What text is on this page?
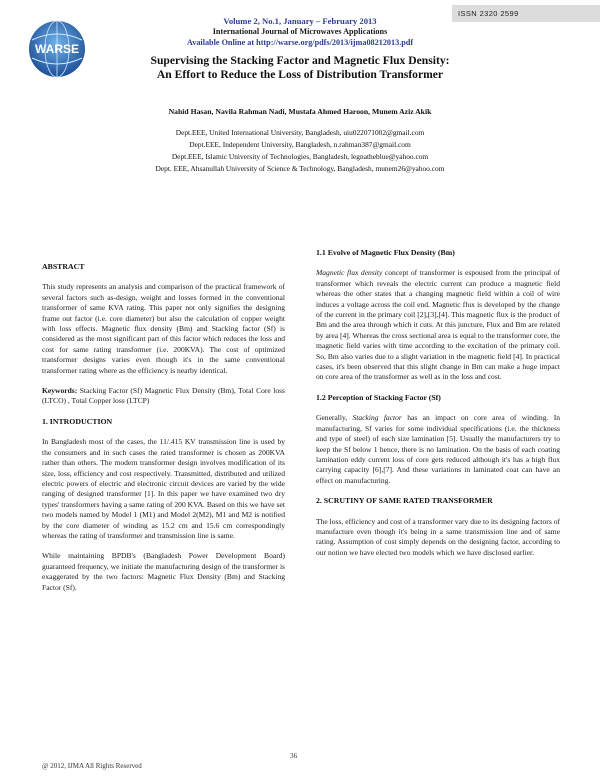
ISSN 2320 2599
WARSE
Volume 2, No.1, January – February 2013
International Journal of Microwaves Applications
Available Online at http://warse.org/pdfs/2013/ijma08212013.pdf
Supervising the Stacking Factor and Magnetic Flux Density:
An Effort to Reduce the Loss of Distribution Transformer
Nahid Hasan, Navila Rahman Nadi, Mustafa Ahmed Haroon, Munem Aziz Akik
Dept.EEE, United International University, Bangladesh, uiu022071002@gmail.com
Dept.EEE, Independent University, Bangladesh, n.rahman387@gmail.com
Dept.EEE, Islamic University of Technologies, Bangladesh, legnatheblue@yahoo.com
Dept. EEE, Ahsanullah University of Science & Technology, Bangladesh, munem26@yahoo.com
ABSTRACT

This study represents an analysis and comparison of the practical framework of several factors such as-design, weight and losses formed in the conventional transformer of same KVA rating. This paper not only signifies the designing frame out factor (i.e. core diameter) but also the calculation of copper weight with loss effects. Magnetic flux density (Bm) and Stacking factor (Sf) is considered as the most significant part of this factor which reduces the loss and cost for same rating transformer (i.e. 200KVA). The cost of optimized transformer designs varies even though it's in the same conventional transformer rating where as the efficiency is nearby identical.

Keywords: Stacking Factor (Sf) Magnetic Flux Density (Bm), Total Core loss (LTCO) , Total Copper loss (LTCP)

1. INTRODUCTION

In Bangladesh most of the cases, the 11/.415 KV transmission line is used by the consumers and in such cases the rated transformer is chosen as 200KVA rather than others. The modern transformer design involves modification of its size, loss, efficiency and cost respectively. Transmitted, distributed and utilized electric powers of electric and electronic circuit devices are varied by the wide ranging of designed transformer [1]. In this paper we have examined two dry types' transformers having a same rating of 200 KVA. Based on this we have set two models named by Model 1 (M1) and Model 2(M2), M1 and M2 is notified by the core diameter of winding as 15.2 cm and 15.6 cm correspondingly whereas the rating of transformer and transmission line is same.

While maintaining BPDB's (Bangladesh Power Development Board) guaranteed frequency, we initiate the manufacturing design of the transformer is exaggerated by the two factors: Magnetic Flux Density (Bm) and Stacking Factor (Sf).

1.1 Evolve of Magnetic Flux Density (Bm)

Magnetic flux density concept of transformer is espoused from the principal of transformer which reveals the electric current can produce a magnetic field whereas the other states that a changing magnetic field within a coil of wire induces a voltage across the coil end. Magnetic flux is developed by the change of the current in the primary coil [2],[3],[4]. This magnetic flux is the product of Bm and the area through which it cuts. At this juncture, Flux and Bm are related by area [4]. Whereas the cross sectional area is equal to the transformer core, the magnetic field varies with time according to the excitation of the primary coil. So, Bm also varies due to a slight variation in the magnetic field [4]. In practical cases, it's been observed that this slight change in Bm can make a huge impact on core area of the transformer as well as in the loss and cost.

1.2 Perception of Stacking Factor (Sf)

Generally, Stacking factor has an impact on core area of winding. In manufacturing, Sf varies for some individual specifications (i.e. the thickness and type of steel) of each size lamination [5]. Usually the manufacturers try to keep the Sf below 1 hence, there is no lamination. On the basis of each coating lamination eddy current loss of core gets reduced although it's has a high flux carrying capacity [6],[7]. And these variations in laminated coat can have an effect on manufacturing.

2. SCRUTINY OF SAME RATED TRANSFORMER

The loss, efficiency and cost of a transformer vary due to its designing factors of manufacture even though it's being in a same transmission line and of same rating. Assumption of cost simply depends on the designing factor, according to our notion we have elected two models which we have disclosed earlier.

36
@ 2012, IJMA All Rights Reserved
